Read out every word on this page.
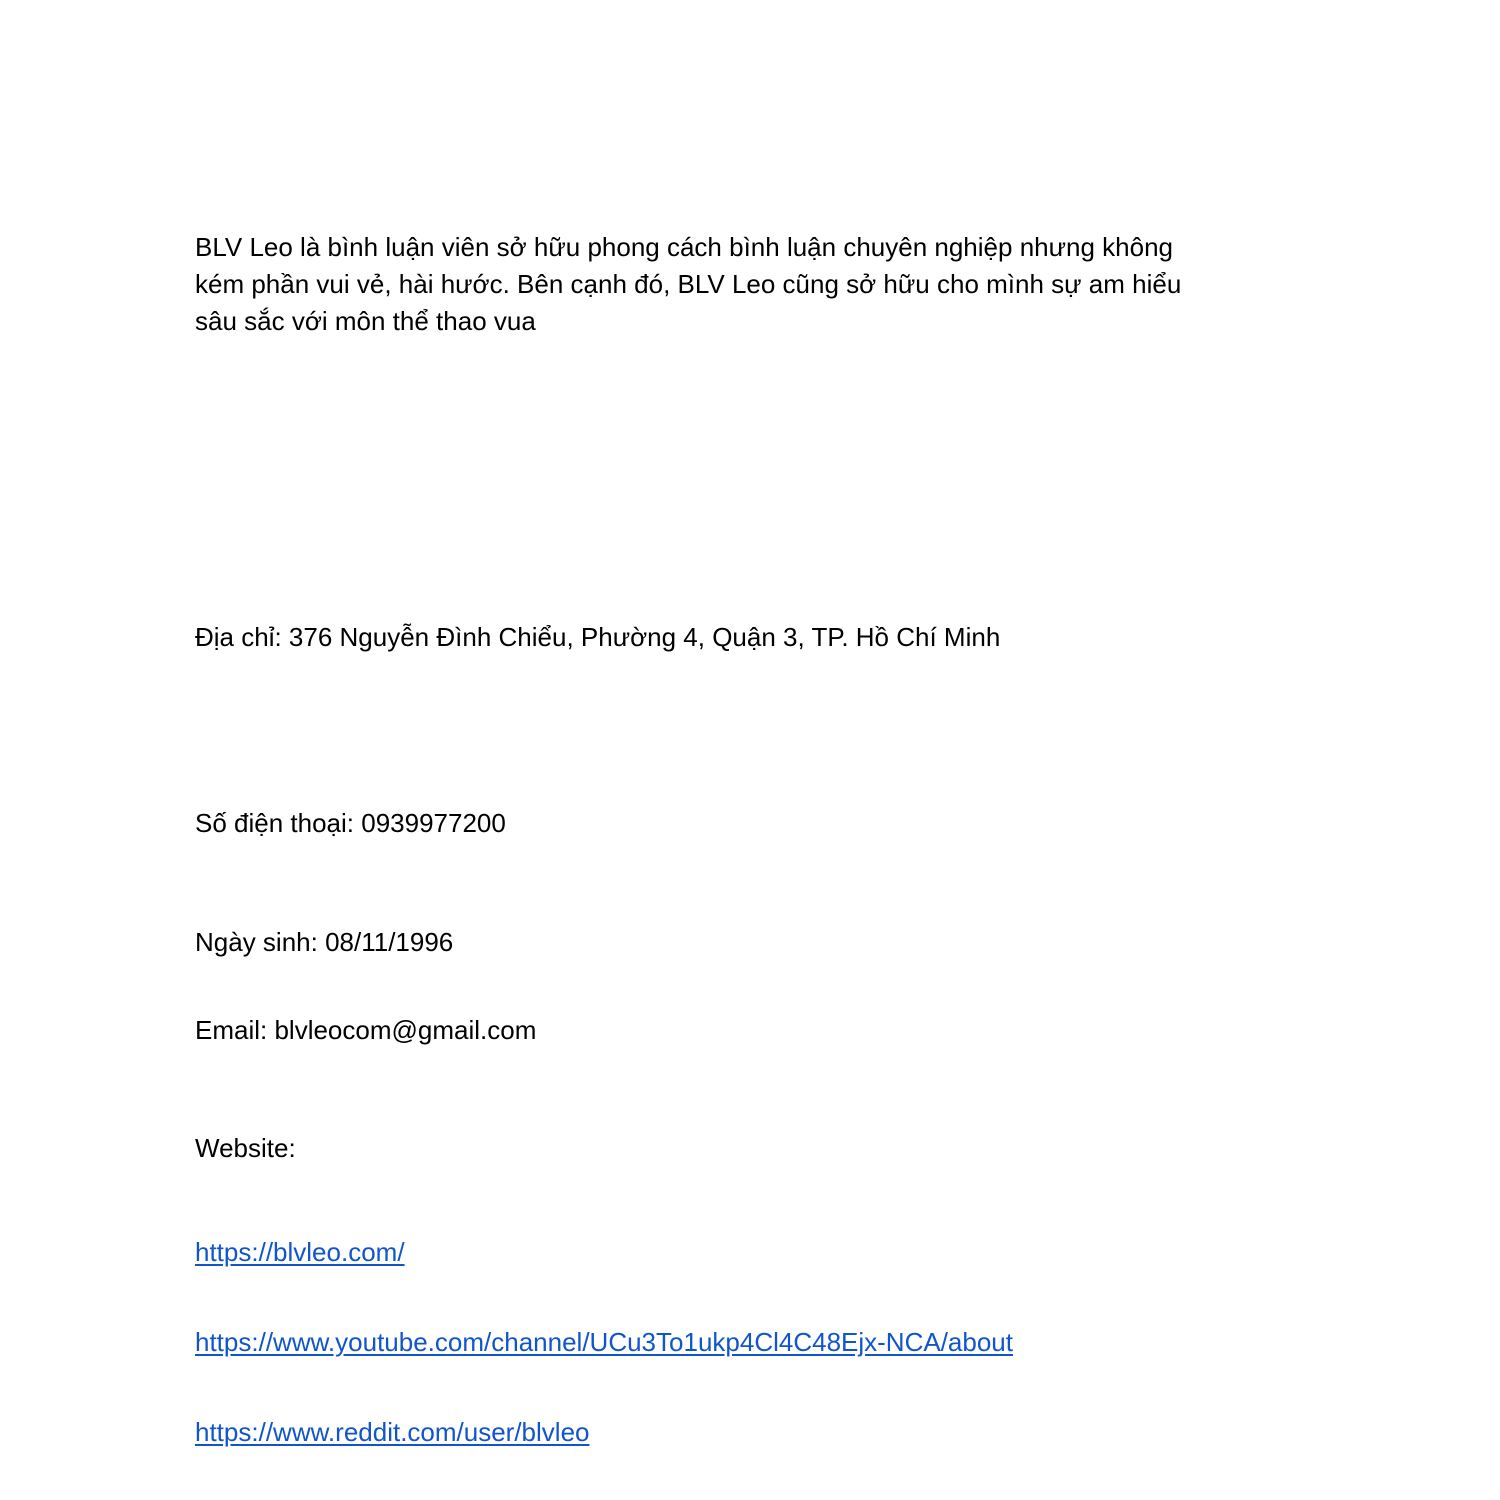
BLV Leo là bình luận viên sở hữu phong cách bình luận chuyên nghiệp nhưng không
kém phần vui vẻ, hài hước. Bên cạnh đó, BLV Leo cũng sở hữu cho mình sự am hiểu
sâu sắc với môn thể thao vua

Địa chỉ: 376 Nguyễn Đình Chiểu, Phường 4, Quận 3, TP. Hồ Chí Minh

Số điện thoại: 0939977200

Ngày sinh: 08/11/1996

Email: blvleocom@gmail.com

Website:

https://blvleo.com/
https://www.youtube.com/channel/UCu3To1ukp4Cl4C48Ejx-NCA/about
https://www.reddit.com/user/blvleo
